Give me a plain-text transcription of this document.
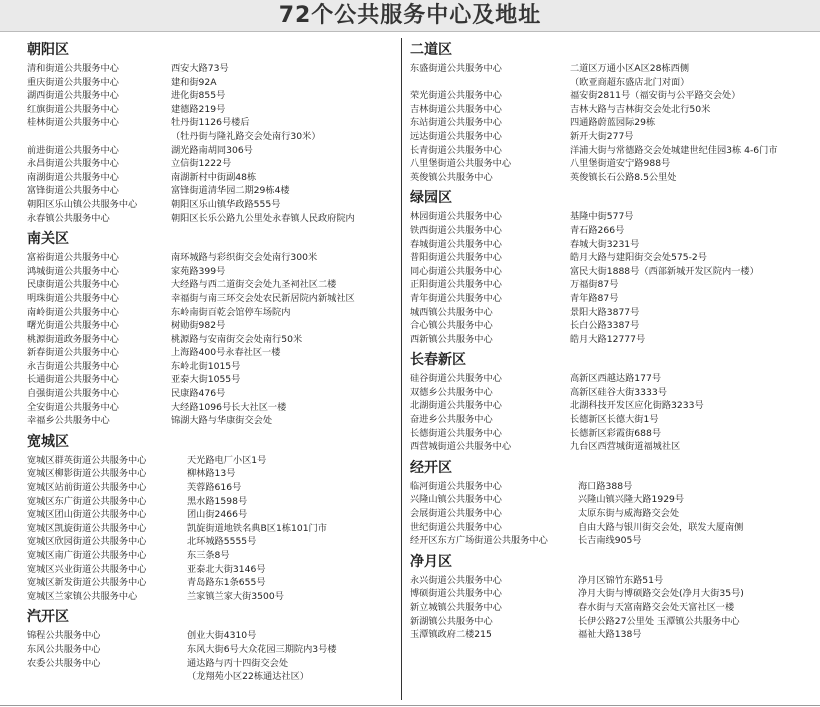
72个公共服务中心及地址
朝阳区
清和街道公共服务中心	西安大路73号
重庆街道公共服务中心	建和街92A
湖西街道公共服务中心	进化街855号
红旗街道公共服务中心	建德路219号
桂林街道公共服务中心	牡丹街1126号楼后
（牡丹街与隆礼路交会处南行30米）
前进街道公共服务中心	湖光路南胡同306号
永昌街道公共服务中心	立信街1222号
南湖街道公共服务中心	南湖新村中街副48栋
富锋街道公共服务中心	富锋街道清华园二期29栋4楼
朝阳区乐山镇公共服务中心	朝阳区乐山镇华政路555号
永春镇公共服务中心	朝阳区长乐公路九公里处永春镇人民政府院内
南关区
富裕街道公共服务中心	南环城路与彩织街交会处南行300米
鸿城街道公共服务中心	家苑路399号
民康街道公共服务中心	大经路与西二道街交会处九圣祠社区二楼
明珠街道公共服务中心	幸福街与南三环交会处农民新居院内新城社区
南岭街道公共服务中心	东岭南街百乾会馆停车场院内
曙光街道公共服务中心	树勋街982号
桃源街道政务服务中心	桃源路与安南街交会处南行50米
新春街道公共服务中心	上海路400号永春社区一楼
永吉街道公共服务中心	东岭北街1015号
长通街道公共服务中心	亚泰大街1055号
自强街道公共服务中心	民康路476号
全安街道公共服务中心	大经路1096号长大社区一楼
幸福乡公共服务中心	锦湖大路与华康街交会处
宽城区
宽城区群英街道公共服务中心	天光路电厂小区1号
宽城区柳影街道公共服务中心	柳林路13号
宽城区站前街道公共服务中心	芙蓉路616号
宽城区东广街道公共服务中心	黑水路1598号
宽城区团山街道公共服务中心	团山街2466号
宽城区凯旋街道公共服务中心	凯旋街道地铁名典B区1栋101门市
宽城区欣园街道公共服务中心	北环城路5555号
宽城区南广街道公共服务中心	东三条8号
宽城区兴业街道公共服务中心	亚泰北大街3146号
宽城区新发街道公共服务中心	青岛路东1条655号
宽城区兰家镇公共服务中心	兰家镇兰家大街3500号
汽开区
锦程公共服务中心	创业大街4310号
东风公共服务中心	东风大街6号大众花园三期院内3号楼
农委公共服务中心	通达路与丙十四街交会处
（龙翔苑小区22栋通达社区）
二道区
东盛街道公共服务中心	二道区万通小区A区28栋西侧
（欧亚商超东盛店北门对面）
荣光街道公共服务中心	福安街2811号（福安街与公平路交会处）
吉林街道公共服务中心	吉林大路与吉林街交会处北行50米
东站街道公共服务中心	四通路蔚蓝园际29栋
远达街道公共服务中心	新开大街277号
长青街道公共服务中心	洋浦大街与常德路交会处城建世纪佳园3栋 4-6门市
八里堡街道公共服务中心	八里堡街道安宁路988号
英俊镇公共服务中心	英俊镇长石公路8.5公里处
绿园区
林园街道公共服务中心	基隆中街577号
铁西街道公共服务中心	青石路266号
春城街道公共服务中心	春城大街3231号
普阳街道公共服务中心	皓月大路与建阳街交会处575-2号
同心街道公共服务中心	富民大街1888号（西部新城开发区院内一楼）
正阳街道公共服务中心	万福街87号
青年街道公共服务中心	青年路87号
城西镇公共服务中心	景阳大路3877号
合心镇公共服务中心	长白公路3387号
西新镇公共服务中心	皓月大路12777号
长春新区
硅谷街道公共服务中心	高新区西越达路177号
双德乡公共服务中心	高新区硅谷大街3333号
北湖街道公共服务中心	北湖科技开发区应化街路3233号
奋进乡公共服务中心	长德新区长德大街1号
长德街道公共服务中心	长德新区彩霞街688号
西营城街道公共服务中心	九台区西营城街道福城社区
经开区
临河街道公共服务中心	海口路388号
兴隆山镇公共服务中心	兴隆山镇兴隆大路1929号
会展街道公共服务中心	太原东街与威海路交会处
世纪街道公共服务中心	自由大路与银川街交会处，联发大厦南侧
经开区东方广场街道公共服务中心	长吉南线905号
净月区
永兴街道公共服务中心	净月区锦竹东路51号
博硕街道公共服务中心	净月大街与博硕路交会处(净月大街35号)
新立城镇公共服务中心	春水街与天富南路交会处天富社区一楼
新湖镇公共服务中心	长伊公路27公里处 玉潭镇公共服务中心
玉潭镇政府二楼215	福祉大路138号
